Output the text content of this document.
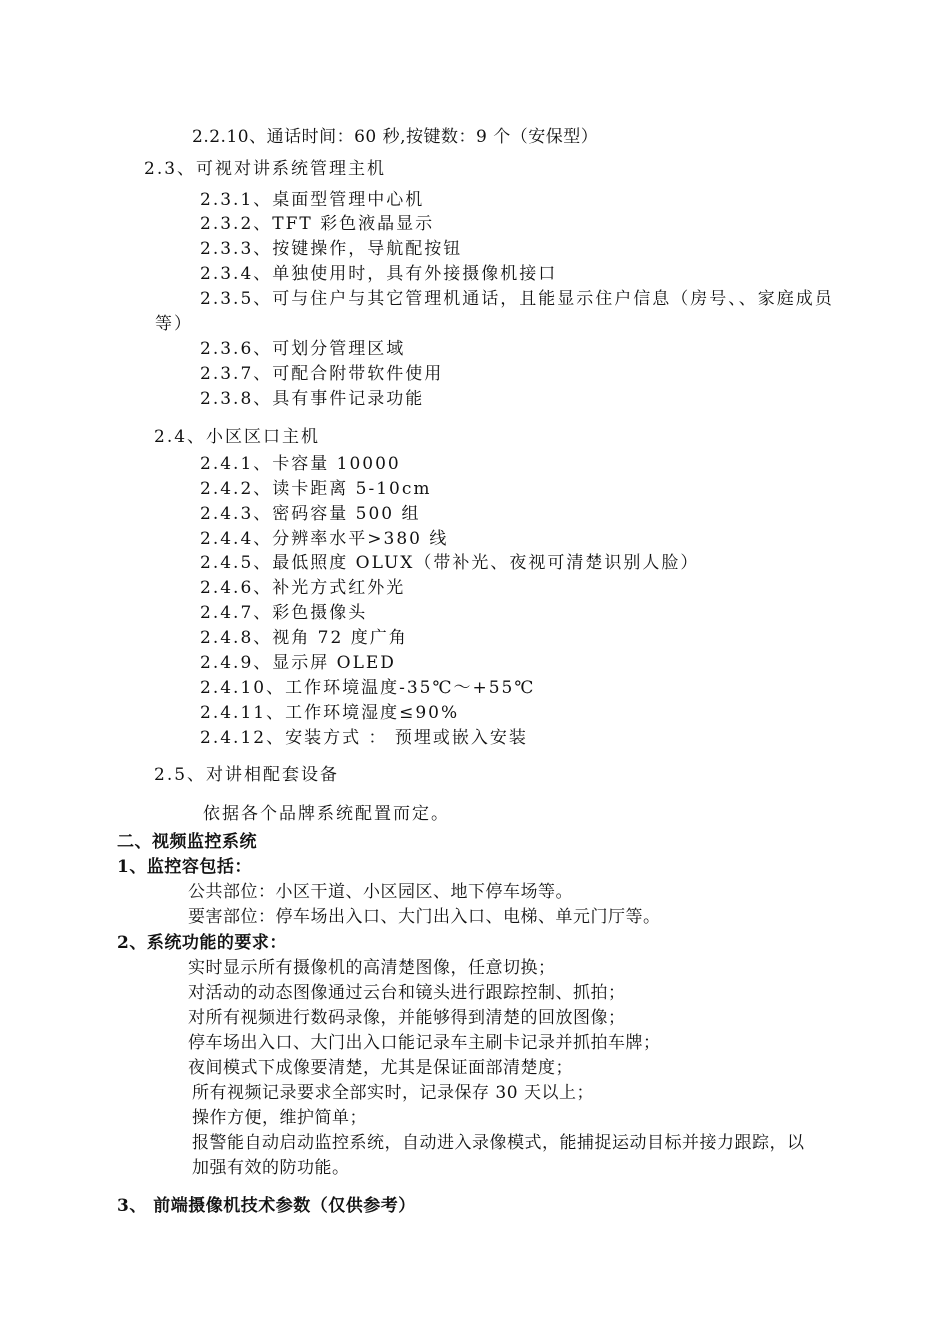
2.2.10、通话时间：60 秒,按键数：9 个（安保型）
2.3、可视对讲系统管理主机
2.3.1、桌面型管理中心机
2.3.2、TFT 彩色液晶显示
2.3.3、按键操作，导航配按钮
2.3.4、单独使用时，具有外接摄像机接口
2.3.5、可与住户与其它管理机通话，且能显示住户信息（房号、、家庭成员
等）
2.3.6、可划分管理区域
2.3.7、可配合附带软件使用
2.3.8、具有事件记录功能
2.4、小区区口主机
2.4.1、卡容量 10000
2.4.2、读卡距离 5-10cm
2.4.3、密码容量 500 组
2.4.4、分辨率水平>380 线
2.4.5、最低照度 OLUX（带补光、夜视可清楚识别人脸）
2.4.6、补光方式红外光
2.4.7、彩色摄像头
2.4.8、视角 72 度广角
2.4.9、显示屏 OLED
2.4.10、工作环境温度-35℃～+55℃
2.4.11、工作环境湿度≤90%
2.4.12、安装方式 ： 预埋或嵌入安装
2.5、对讲相配套设备
依据各个品牌系统配置而定。
二、视频监控系统
1、监控容包括：
公共部位：小区干道、小区园区、地下停车场等。
要害部位：停车场出入口、大门出入口、电梯、单元门厅等。
2、系统功能的要求：
实时显示所有摄像机的高清楚图像，任意切换；
对活动的动态图像通过云台和镜头进行跟踪控制、抓拍；
对所有视频进行数码录像，并能够得到清楚的回放图像；
停车场出入口、大门出入口能记录车主刷卡记录并抓拍车牌；
夜间模式下成像要清楚，尤其是保证面部清楚度；
所有视频记录要求全部实时，记录保存 30 天以上；
操作方便，维护简单；
报警能自动启动监控系统，自动进入录像模式，能捕捉运动目标并接力跟踪，以
加强有效的防功能。
3、 前端摄像机技术参数（仅供参考）
